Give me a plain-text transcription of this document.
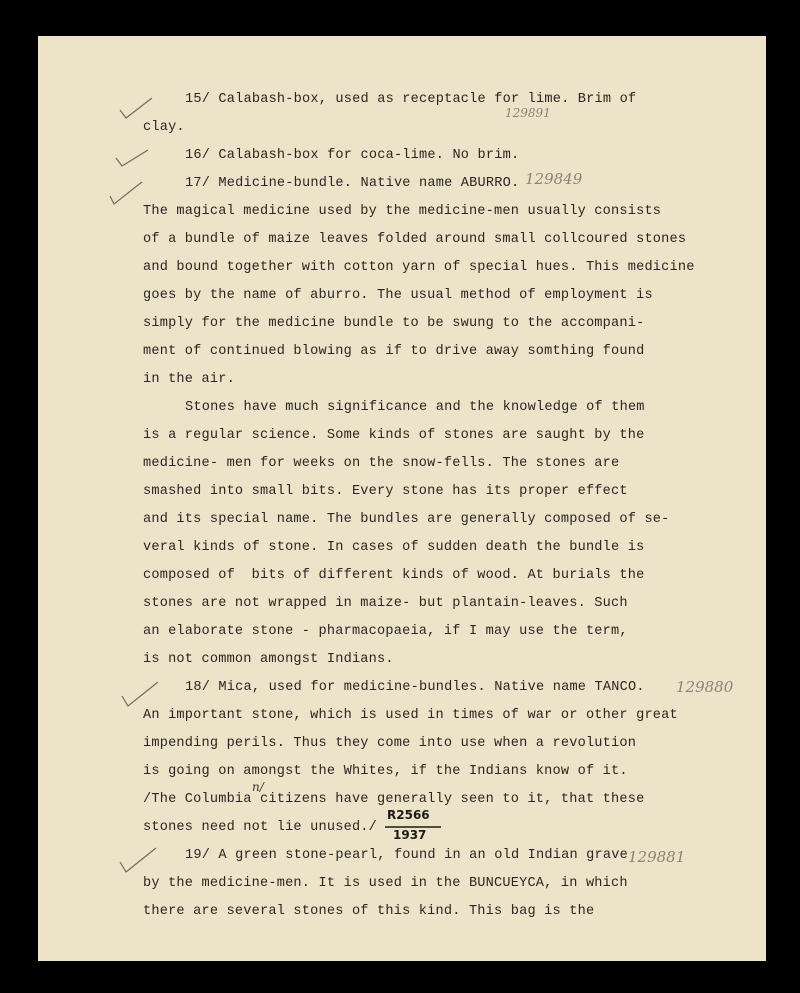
15/ Calabash-box, used as receptacle for lime. Brim of
clay.
16/ Calabash-box for coca-lime. No brim.
17/ Medicine-bundle. Native name ABURRO.
The magical medicine used by the medicine-men usually consists
of a bundle of maize leaves folded around small collcoured stones
and bound together with cotton yarn of special hues. This medicine
goes by the name of aburro. The usual method of employment is
simply for the medicine bundle to be swung to the accompani-
ment of continued blowing as if to drive away somthing found
in the air.
Stones have much significance and the knowledge of them
is a regular science. Some kinds of stones are saught by the
medicine- men for weeks on the snow-fells. The stones are
smashed into small bits. Every stone has its proper effect
and its special name. The bundles are generally composed of se-
veral kinds of stone. In cases of sudden death the bundle is
composed of  bits of different kinds of wood. At burials the
stones are not wrapped in maize- but plantain-leaves. Such
an elaborate stone - pharmacopaeia, if I may use the term,
is not common amongst Indians.
18/ Mica, used for medicine-bundles. Native name TANCO.
An important stone, which is used in times of war or other great
impending perils. Thus they come into use when a revolution
is going on amongst the Whites, if the Indians know of it.
/The Columbia citizens have generally seen to it, that these
stones need not lie unused./
19/ A green stone-pearl, found in an old Indian grave
by the medicine-men. It is used in the BUNCUEYCA, in which
there are several stones of this kind. This bag is the
129891
129849
129880
129881
n/
R2566
1937
